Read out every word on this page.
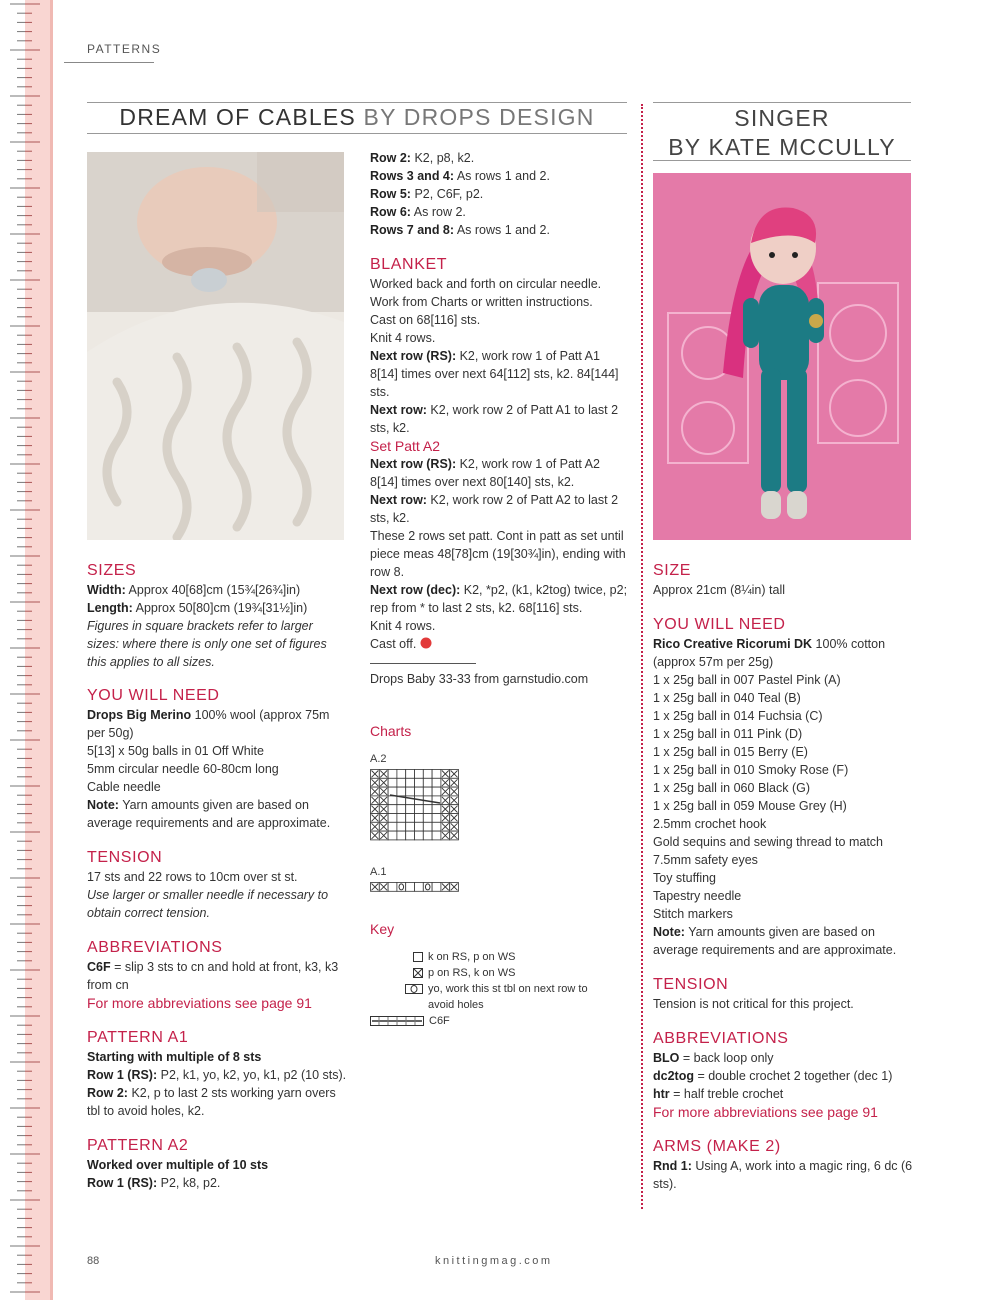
PATTERNS
DREAM OF CABLES BY DROPS DESIGN	SINGER
BY KATE MCCULLY

SIZES

Width: Approx 40[68]cm (15¾[26¾]in)

Length: Approx 50[80]cm (19¾[31½]in)

Figures in square brackets refer to larger sizes: where there is only one set of figures this applies to all sizes.

YOU WILL NEED

Drops Big Merino 100% wool (approx 75m per 50g)

5[13] x 50g balls in 01 Off White

5mm circular needle 60-80cm long

Cable needle

Note: Yarn amounts given are based on average requirements and are approximate.

TENSION

17 sts and 22 rows to 10cm over st st.

Use larger or smaller needle if necessary to obtain correct tension.

ABBREVIATIONS

C6F = slip 3 sts to cn and hold at front, k3, k3 from cn

For more abbreviations see page 91

PATTERN A1

Starting with multiple of 8 sts

Row 1 (RS): P2, k1, yo, k2, yo, k1, p2 (10 sts).

Row 2: K2, p to last 2 sts working yarn overs tbl to avoid holes, k2.

PATTERN A2

Worked over multiple of 10 sts

Row 1 (RS): P2, k8, p2.

Row 2: K2, p8, k2.

Rows 3 and 4: As rows 1 and 2.

Row 5: P2, C6F, p2.

Row 6: As row 2.

Rows 7 and 8: As rows 1 and 2.

BLANKET

Worked back and forth on circular needle. Work from Charts or written instructions.

Cast on 68[116] sts.

Knit 4 rows.

Next row (RS): K2, work row 1 of Patt A1 8[14] times over next 64[112] sts, k2. 84[144] sts.

Next row: K2, work row 2 of Patt A1 to last 2 sts, k2.

Set Patt A2

Next row (RS): K2, work row 1 of Patt A2 8[14] times over next 80[140] sts, k2.

Next row: K2, work row 2 of Patt A2 to last 2 sts, k2.

These 2 rows set patt. Cont in patt as set until piece meas 48[78]cm (19[30¾]in), ending with row 8.

Next row (dec): K2, *p2, (k1, k2tog) twice, p2; rep from * to last 2 sts, k2. 68[116] sts.

Knit 4 rows.

Cast off.

Drops Baby 33-33 from garnstudio.com

Charts

A.2
A.1
Key
k on RS, p on WS
p on RS, k on WS
yo, work this st tbl on next row to avoid holes
C6F

SIZE

Approx 21cm (8¼in) tall

YOU WILL NEED

Rico Creative Ricorumi DK 100% cotton (approx 57m per 25g)

1 x 25g ball in 007 Pastel Pink (A)

1 x 25g ball in 040 Teal (B)

1 x 25g ball in 014 Fuchsia (C)

1 x 25g ball in 011 Pink (D)

1 x 25g ball in 015 Berry (E)

1 x 25g ball in 010 Smoky Rose (F)

1 x 25g ball in 060 Black (G)

1 x 25g ball in 059 Mouse Grey (H)

2.5mm crochet hook

Gold sequins and sewing thread to match

7.5mm safety eyes

Toy stuffing

Tapestry needle

Stitch markers

Note: Yarn amounts given are based on average requirements and are approximate.

TENSION

Tension is not critical for this project.

ABBREVIATIONS

BLO = back loop only

dc2tog = double crochet 2 together (dec 1)

htr = half treble crochet

For more abbreviations see page 91

ARMS (MAKE 2)

Rnd 1: Using A, work into a magic ring, 6 dc (6 sts).

88	knittingmag.com
